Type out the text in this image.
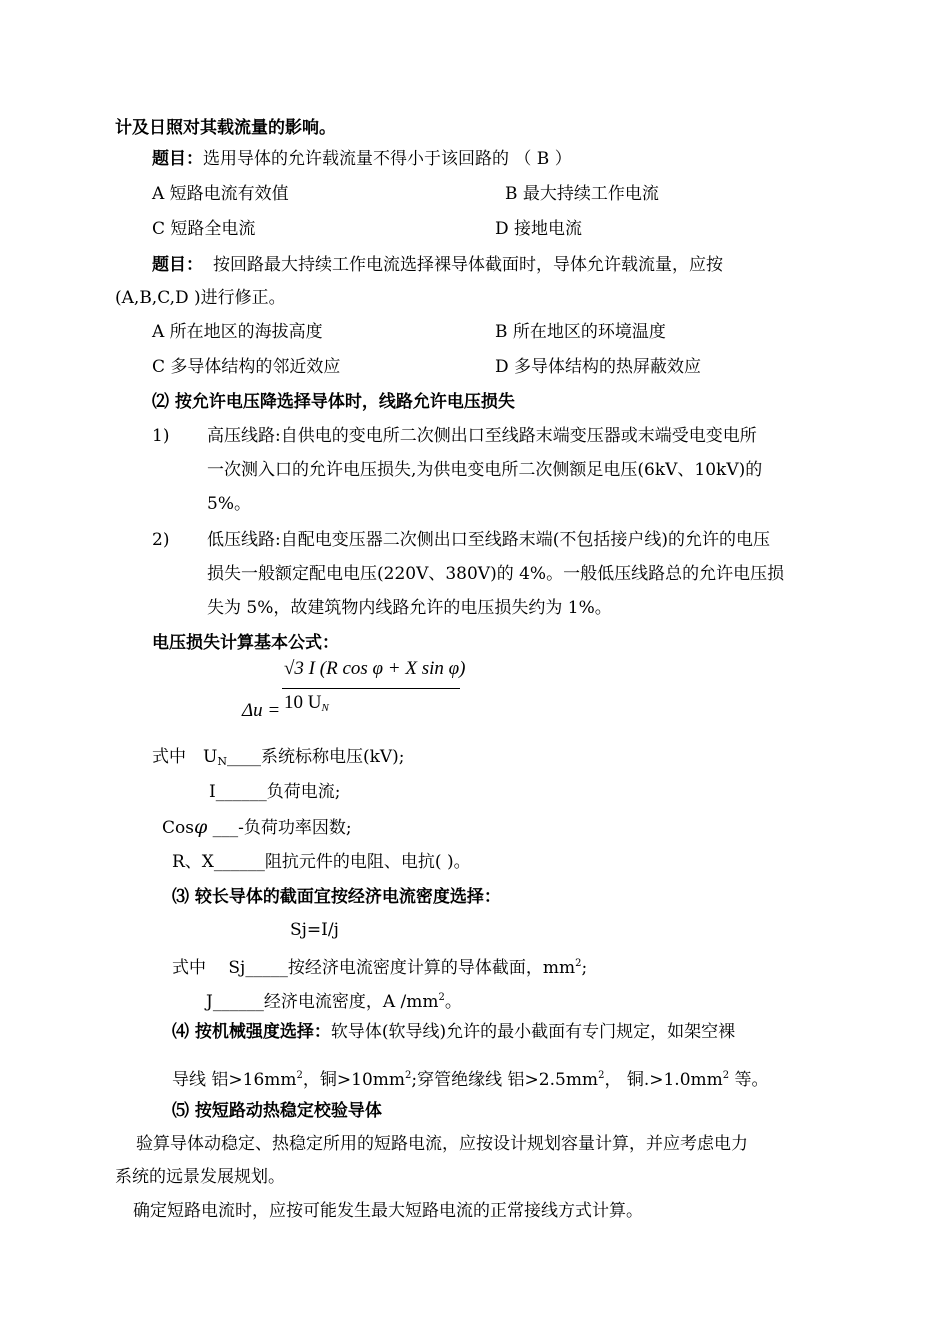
计及日照对其载流量的影响。
题目：选用导体的允许载流量不得小于该回路的 （ B ）
A 短路电流有效值	B 最大持续工作电流
C 短路全电流	D 接地电流
题目： 按回路最大持续工作电流选择裸导体截面时，导体允许载流量，应按
(A,B,C,D )进行修正。
A 所在地区的海拔高度	B 所在地区的环境温度
C 多导体结构的邻近效应	D 多导体结构的热屏蔽效应
⑵ 按允许电压降选择导体时，线路允许电压损失
1) 高压线路:自供电的变电所二次侧出口至线路末端变压器或末端受电变电所
一次测入口的允许电压损失,为供电变电所二次侧额足电压(6kV、10kV)的
5%。
2) 低压线路:自配电变压器二次侧出口至线路末端(不包括接户线)的允许的电压
损失一般额定配电电压(220V、380V)的 4%。一般低压线路总的允许电压损
失为 5%，故建筑物内线路允许的电压损失约为 1%。
电压损失计算基本公式：
√3 I (R cos φ + X sin φ)
10 $U_N$
Δu =
式中　$U_N\_\_\_\_$系统标称电压(kV);
I______负荷电流;
Cosφ ___-负荷功率因数;
R、X______阻抗元件的电阻、电抗( )。
⑶ 较长导体的截面宜按经济电流密度选择：
Sj=I/j
式中　 Sj_____按经济电流密度计算的导体截面，$mm^2$;
J______经济电流密度，A $/mm^2$。
⑷ 按机械强度选择：软导体(软导线)允许的最小截面有专门规定，如架空裸
导线 铝$>16mm^2$，铜$>10mm^2$;穿管绝缘线 铝$>2.5mm^2$， 铜$.>1.0mm^2$ 等。
⑸ 按短路动热稳定校验导体
验算导体动稳定、热稳定所用的短路电流，应按设计规划容量计算，并应考虑电力
系统的远景发展规划。
确定短路电流时，应按可能发生最大短路电流的正常接线方式计算。
